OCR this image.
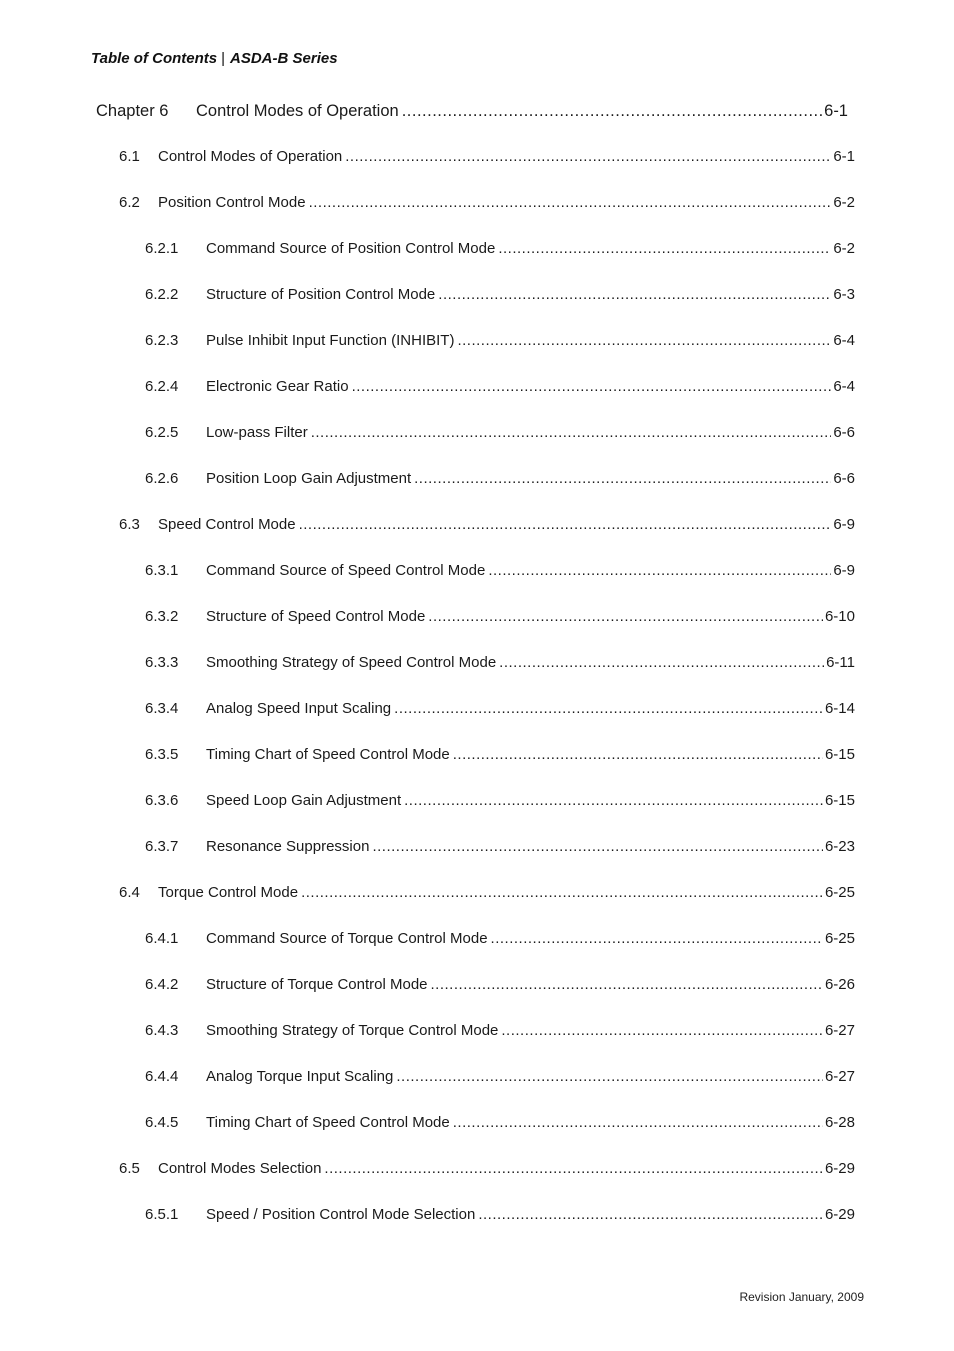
Table of Contents | ASDA-B Series
Chapter 6	Control Modes of Operation .....	6-1
6.1	Control Modes of Operation .....	6-1
6.2	Position Control Mode .....	6-2
6.2.1	Command Source of Position Control Mode .....	6-2
6.2.2	Structure of Position Control Mode .....	6-3
6.2.3	Pulse Inhibit Input Function (INHIBIT) .....	6-4
6.2.4	Electronic Gear Ratio .....	6-4
6.2.5	Low-pass Filter .....	6-6
6.2.6	Position Loop Gain Adjustment .....	6-6
6.3	Speed Control Mode .....	6-9
6.3.1	Command Source of Speed Control Mode .....	6-9
6.3.2	Structure of Speed Control Mode .....	6-10
6.3.3	Smoothing Strategy of Speed Control Mode .....	6-11
6.3.4	Analog Speed Input Scaling .....	6-14
6.3.5	Timing Chart of Speed Control Mode .....	6-15
6.3.6	Speed Loop Gain Adjustment .....	6-15
6.3.7	Resonance Suppression .....	6-23
6.4	Torque Control Mode .....	6-25
6.4.1	Command Source of Torque Control Mode .....	6-25
6.4.2	Structure of Torque Control Mode .....	6-26
6.4.3	Smoothing Strategy of Torque Control Mode .....	6-27
6.4.4	Analog Torque Input Scaling .....	6-27
6.4.5	Timing Chart of Speed Control Mode .....	6-28
6.5	Control Modes Selection .....	6-29
6.5.1	Speed / Position Control Mode Selection .....	6-29
Revision January, 2009
